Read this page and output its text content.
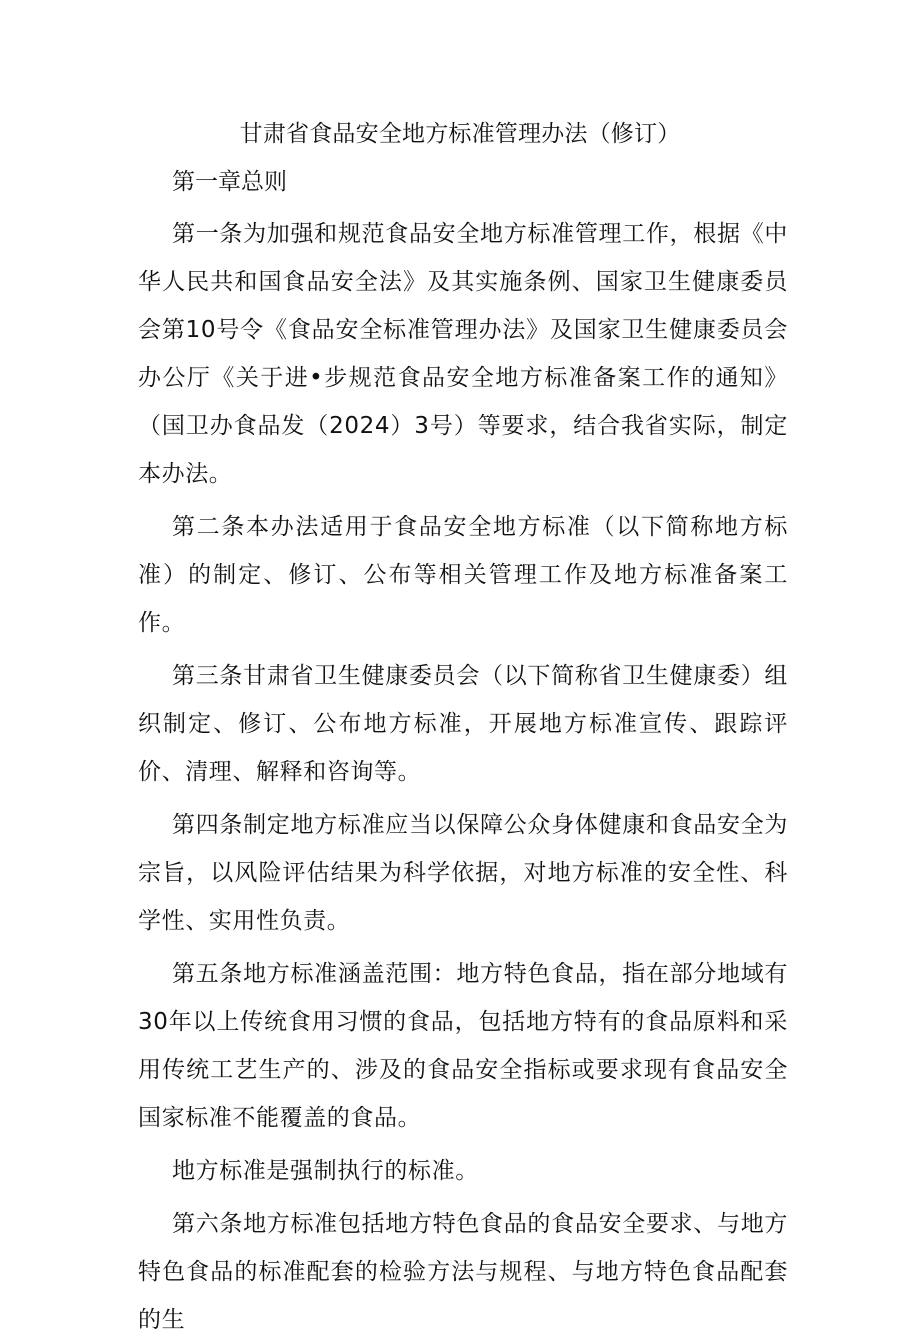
甘肃省食品安全地方标准管理办法（修订）
第一章总则

第一条为加强和规范食品安全地方标准管理工作，根据《中华人民共和国食品安全法》及其实施条例、国家卫生健康委员会第10号令《食品安全标准管理办法》及国家卫生健康委员会办公厅《关于进•步规范食品安全地方标准备案工作的通知》（国卫办食品发（2024）3号）等要求，结合我省实际，制定本办法。

第二条本办法适用于食品安全地方标准（以下简称地方标准）的制定、修订、公布等相关管理工作及地方标准备案工作。

第三条甘肃省卫生健康委员会（以下简称省卫生健康委）组织制定、修订、公布地方标准，开展地方标准宣传、跟踪评价、清理、解释和咨询等。

第四条制定地方标准应当以保障公众身体健康和食品安全为宗旨，以风险评估结果为科学依据，对地方标准的安全性、科学性、实用性负责。

第五条地方标准涵盖范围：地方特色食品，指在部分地域有30年以上传统食用习惯的食品，包括地方特有的食品原料和采用传统工艺生产的、涉及的食品安全指标或要求现有食品安全国家标准不能覆盖的食品。

地方标准是强制执行的标准。

第六条地方标准包括地方特色食品的食品安全要求、与地方特色食品的标准配套的检验方法与规程、与地方特色食品配套的生
